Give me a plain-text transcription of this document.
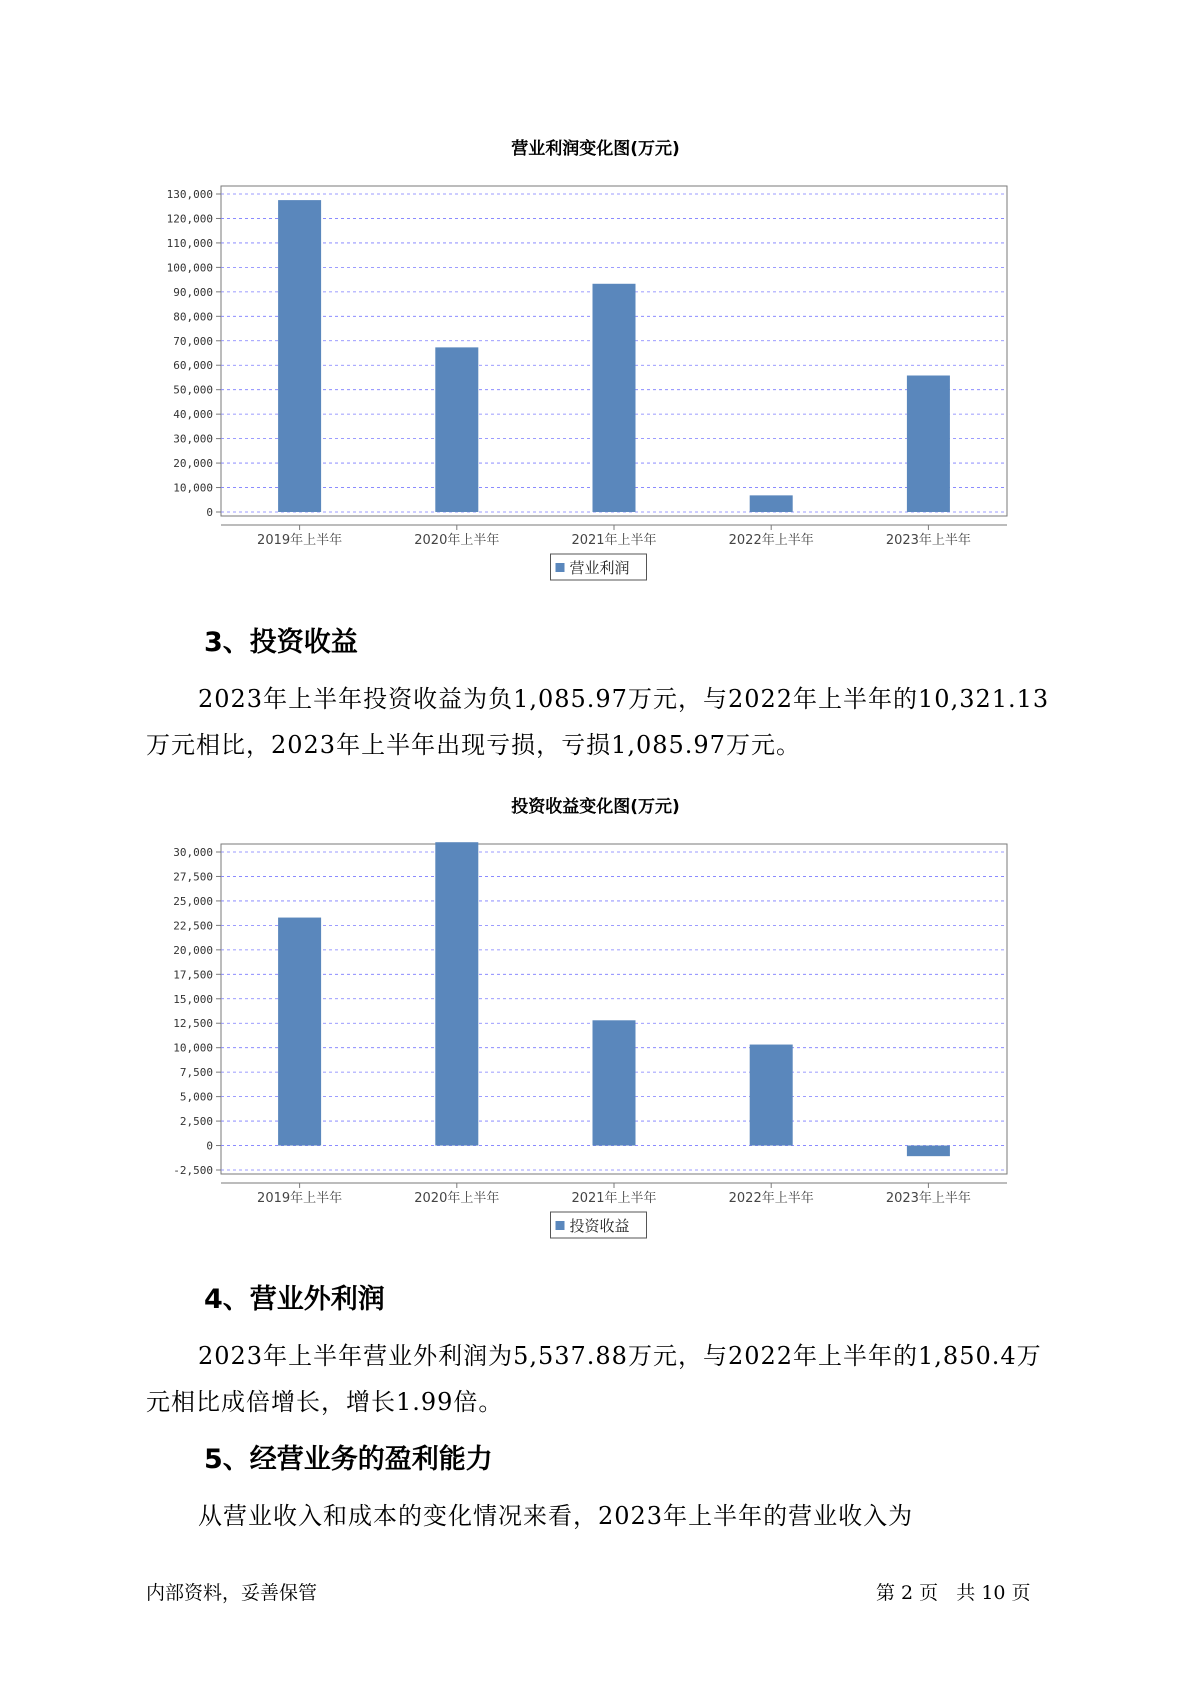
营业利润变化图(万元)
0
10,000
20,000
30,000
40,000
50,000
60,000
70,000
80,000
90,000
100,000
110,000
120,000
130,000
2019年上半年	2020年上半年	2021年上半年	2022年上半年	2023年上半年
营业利润
3、投资收益
2023年上半年投资收益为负1,085.97万元，与2022年上半年的10,321.13万元相比，2023年上半年出现亏损，亏损1,085.97万元。
投资收益变化图(万元)
-2,500
0
2,500
5,000
7,500
10,000
12,500
15,000
17,500
20,000
22,500
25,000
27,500
30,000
2019年上半年	2020年上半年	2021年上半年	2022年上半年	2023年上半年
投资收益
4、营业外利润
2023年上半年营业外利润为5,537.88万元，与2022年上半年的1,850.4万元相比成倍增长，增长1.99倍。
5、经营业务的盈利能力
从营业收入和成本的变化情况来看，2023年上半年的营业收入为
内部资料，妥善保管	第 2 页   共 10 页
